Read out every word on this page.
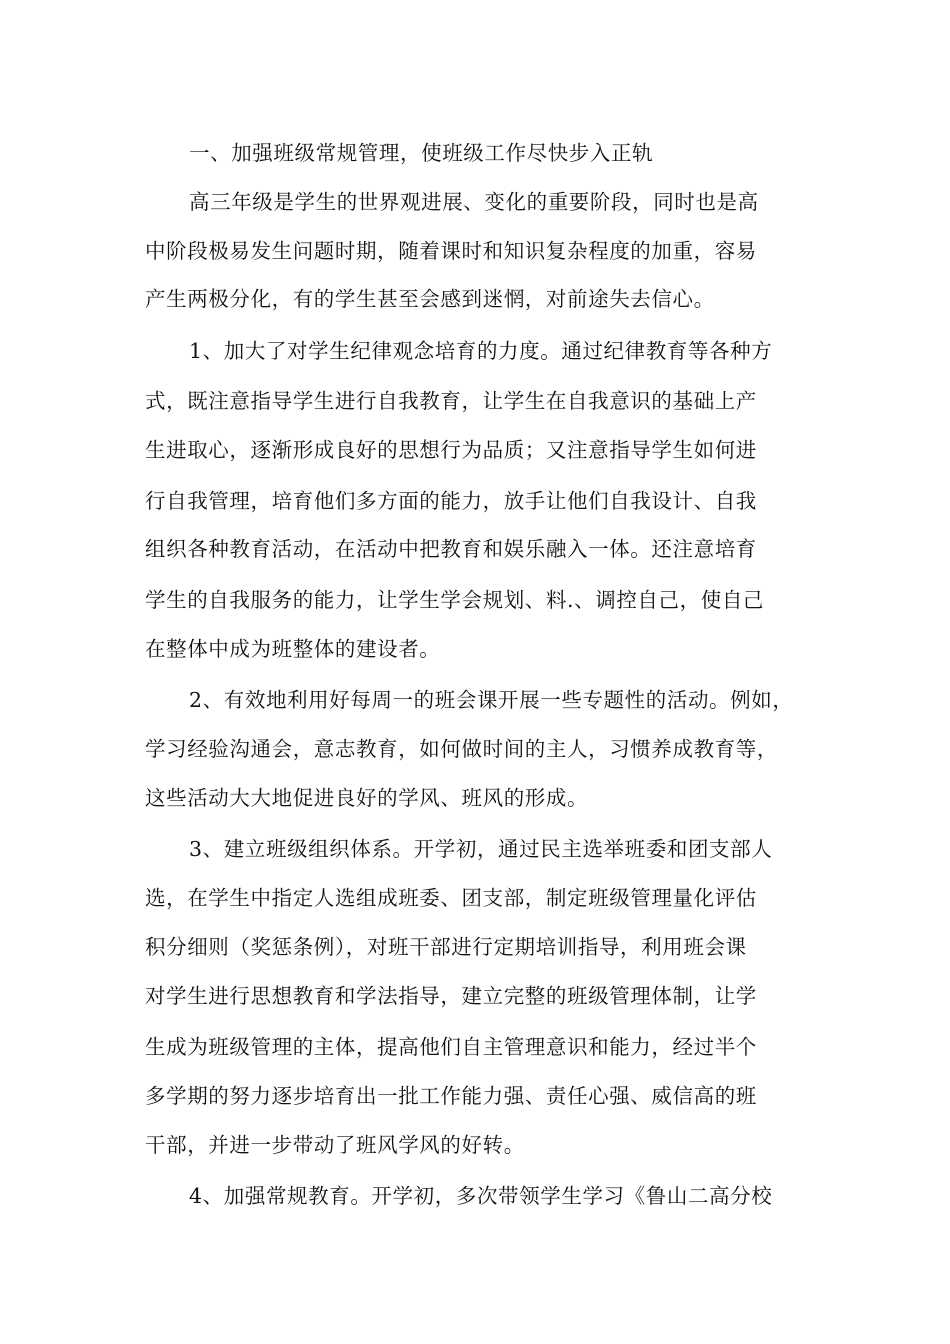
一、加强班级常规管理，使班级工作尽快步入正轨
高三年级是学生的世界观进展、变化的重要阶段，同时也是高
中阶段极易发生问题时期，随着课时和知识复杂程度的加重，容易
产生两极分化，有的学生甚至会感到迷惘，对前途失去信心。
1、加大了对学生纪律观念培育的力度。通过纪律教育等各种方
式，既注意指导学生进行自我教育，让学生在自我意识的基础上产
生进取心，逐渐形成良好的思想行为品质；又注意指导学生如何进
行自我管理，培育他们多方面的能力，放手让他们自我设计、自我
组织各种教育活动，在活动中把教育和娱乐融入一体。还注意培育
学生的自我服务的能力，让学生学会规划、料.、调控自己，使自己
在整体中成为班整体的建设者。
2、有效地利用好每周一的班会课开展一些专题性的活动。例如，
学习经验沟通会，意志教育，如何做时间的主人，习惯养成教育等，
这些活动大大地促进良好的学风、班风的形成。
3、建立班级组织体系。开学初，通过民主选举班委和团支部人
选，在学生中指定人选组成班委、团支部，制定班级管理量化评估
积分细则（奖惩条例），对班干部进行定期培训指导，利用班会课
对学生进行思想教育和学法指导，建立完整的班级管理体制，让学
生成为班级管理的主体，提高他们自主管理意识和能力，经过半个
多学期的努力逐步培育出一批工作能力强、责任心强、威信高的班
干部，并进一步带动了班风学风的好转。
4、加强常规教育。开学初，多次带领学生学习《鲁山二高分校
